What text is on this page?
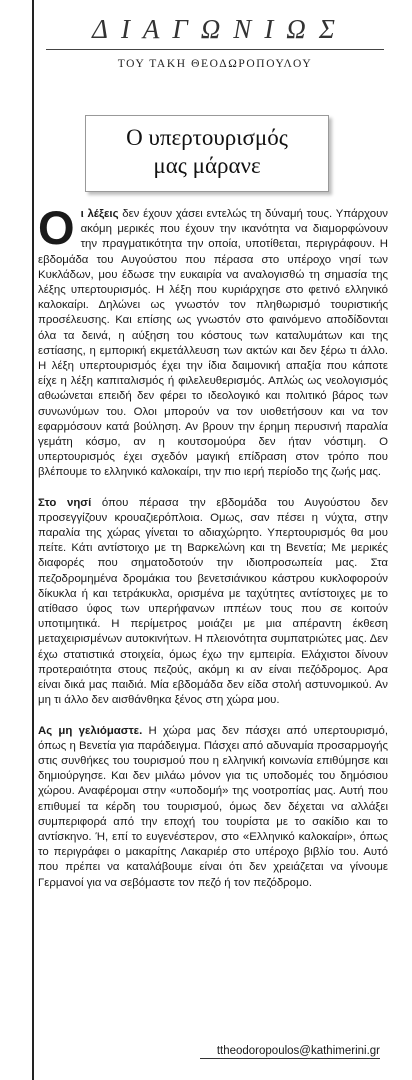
ΔΙΑΓΩΝΙΩΣ
ΤΟΥ ΤΑΚΗ ΘΕΟΔΩΡΟΠΟΥΛΟΥ
Ο υπερτουρισμός
μας μάρανε

Οι λέξεις δεν έχουν χάσει εντελώς τη δύναμή τους. Υπάρχουν ακόμη μερικές που έχουν την ικανότητα να διαμορφώνουν την πραγματικότητα την οποία, υποτίθεται, περιγράφουν. Η εβδομάδα του Αυγούστου που πέρασα στο υπέροχο νησί των Κυκλάδων, μου έδωσε την ευκαιρία να αναλογισθώ τη σημασία της λέξης υπερτουρισμός. Η λέξη που κυριάρχησε στο φετινό ελληνικό καλοκαίρι. Δηλώνει ως γνωστόν τον πληθωρισμό τουριστικής προσέλευσης. Και επίσης ως γνωστόν στο φαινόμενο αποδίδονται όλα τα δεινά, η αύξηση του κόστους των καταλυμάτων και της εστίασης, η εμπορική εκμετάλλευση των ακτών και δεν ξέρω τι άλλο. Η λέξη υπερτουρισμός έχει την ίδια δαιμονική απαξία που κάποτε είχε η λέξη καπιταλισμός ή φιλελευθερισμός. Απλώς ως νεολογισμός αθωώνεται επειδή δεν φέρει το ιδεολογικό και πολιτικό βάρος των συνωνύμων του. Ολοι μπορούν να τον υιοθετήσουν και να τον εφαρμόσουν κατά βούληση. Αν βρουν την έρημη περυσινή παραλία γεμάτη κόσμο, αν η κουτσομούρα δεν ήταν νόστιμη. Ο υπερτουρισμός έχει σχεδόν μαγική επίδραση στον τρόπο που βλέπουμε το ελληνικό καλοκαίρι, την πιο ιερή περίοδο της ζωής μας.

Στο νησί όπου πέρασα την εβδομάδα του Αυγούστου δεν προσεγγίζουν κρουαζιερόπλοια. Ομως, σαν πέσει η νύχτα, στην παραλία της χώρας γίνεται το αδιαχώρητο. Υπερτουρισμός θα μου πείτε. Κάτι αντίστοιχο με τη Βαρκελώνη και τη Βενετία; Με μερικές διαφορές που σηματοδοτούν την ιδιοπροσωπεία μας. Στα πεζοδρομημένα δρομάκια του βενετσιάνικου κάστρου κυκλοφορούν δίκυκλα ή και τετράκυκλα, ορισμένα με ταχύτητες αντίστοιχες με το ατίθασο ύφος των υπερήφανων ιππέων τους που σε κοιτούν υποτιμητικά. Η περίμετρος μοιάζει με μια απέραντη έκθεση μεταχειρισμένων αυτοκινήτων. Η πλειονότητα συμπατριώτες μας. Δεν έχω στατιστικά στοιχεία, όμως έχω την εμπειρία. Ελάχιστοι δίνουν προτεραιότητα στους πεζούς, ακόμη κι αν είναι πεζόδρομος. Αρα είναι δικά μας παιδιά. Μία εβδομάδα δεν είδα στολή αστυνομικού. Αν μη τι άλλο δεν αισθάνθηκα ξένος στη χώρα μου.

Ας μη γελιόμαστε. Η χώρα μας δεν πάσχει από υπερτουρισμό, όπως η Βενετία για παράδειγμα. Πάσχει από αδυναμία προσαρμογής στις συνθήκες του τουρισμού που η ελληνική κοινωνία επιθύμησε και δημιούργησε. Και δεν μιλάω μόνον για τις υποδομές του δημόσιου χώρου. Αναφέρομαι στην «υποδομή» της νοοτροπίας μας. Αυτή που επιθυμεί τα κέρδη του τουρισμού, όμως δεν δέχεται να αλλάξει συμπεριφορά από την εποχή του τουρίστα με το σακίδιο και το αντίσκηνο. Ή, επί το ευγενέστερον, στο «Ελληνικό καλοκαίρι», όπως το περιγράφει ο μακαρίτης Λακαριέρ στο υπέροχο βιβλίο του. Αυτό που πρέπει να καταλάβουμε είναι ότι δεν χρειάζεται να γίνουμε Γερμανοί για να σεβόμαστε τον πεζό ή τον πεζόδρομο.

ttheodoropoulos@kathimerini.gr
